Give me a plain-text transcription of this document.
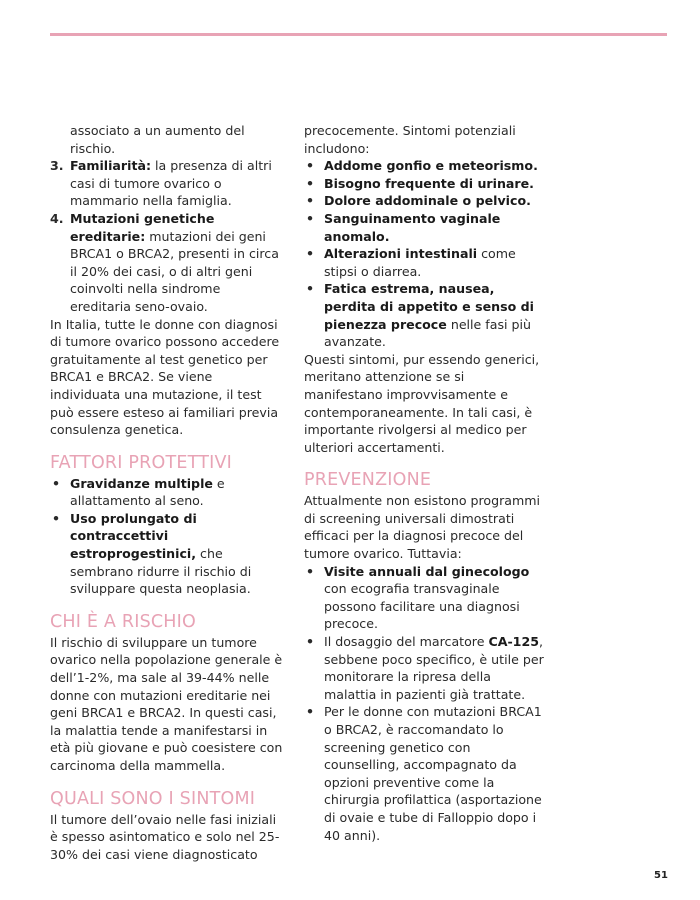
associato a un aumento del rischio.

3. Familiarità: la presenza di altri casi di tumore ovarico o mammario nella famiglia.
4. Mutazioni genetiche ereditarie: mutazioni dei geni BRCA1 o BRCA2, presenti in circa il 20% dei casi, o di altri geni coinvolti nella sindrome ereditaria seno-ovaio.

In Italia, tutte le donne con diagnosi di tumore ovarico possono accedere gratuitamente al test genetico per BRCA1 e BRCA2. Se viene individuata una mutazione, il test può essere esteso ai familiari previa consulenza genetica.

FATTORI PROTETTIVI
• Gravidanze multiple e allattamento al seno.
• Uso prolungato di contraccettivi estroprogestinici, che sembrano ridurre il rischio di sviluppare questa neoplasia.
CHI È A RISCHIO

Il rischio di sviluppare un tumore ovarico nella popolazione generale è dell’1-2%, ma sale al 39-44% nelle donne con mutazioni ereditarie nei geni BRCA1 e BRCA2. In questi casi, la malattia tende a manifestarsi in età più giovane e può coesistere con carcinoma della mammella.

QUALI SONO I SINTOMI

Il tumore dell’ovaio nelle fasi iniziali è spesso asintomatico e solo nel 25-30% dei casi viene diagnosticato

precocemente. Sintomi potenziali includono:

• Addome gonfio e meteorismo.
• Bisogno frequente di urinare.
• Dolore addominale o pelvico.
• Sanguinamento vaginale anomalo.
• Alterazioni intestinali come stipsi o diarrea.
• Fatica estrema, nausea, perdita di appetito e senso di pienezza precoce nelle fasi più avanzate.

Questi sintomi, pur essendo generici, meritano attenzione se si manifestano improvvisamente e contemporaneamente. In tali casi, è importante rivolgersi al medico per ulteriori accertamenti.

PREVENZIONE

Attualmente non esistono programmi di screening universali dimostrati efficaci per la diagnosi precoce del tumore ovarico. Tuttavia:

• Visite annuali dal ginecologo con ecografia transvaginale possono facilitare una diagnosi precoce.
• Il dosaggio del marcatore CA-125, sebbene poco specifico, è utile per monitorare la ripresa della malattia in pazienti già trattate.
• Per le donne con mutazioni BRCA1 o BRCA2, è raccomandato lo screening genetico con counselling, accompagnato da opzioni preventive come la chirurgia profilattica (asportazione di ovaie e tube di Falloppio dopo i 40 anni).
51
